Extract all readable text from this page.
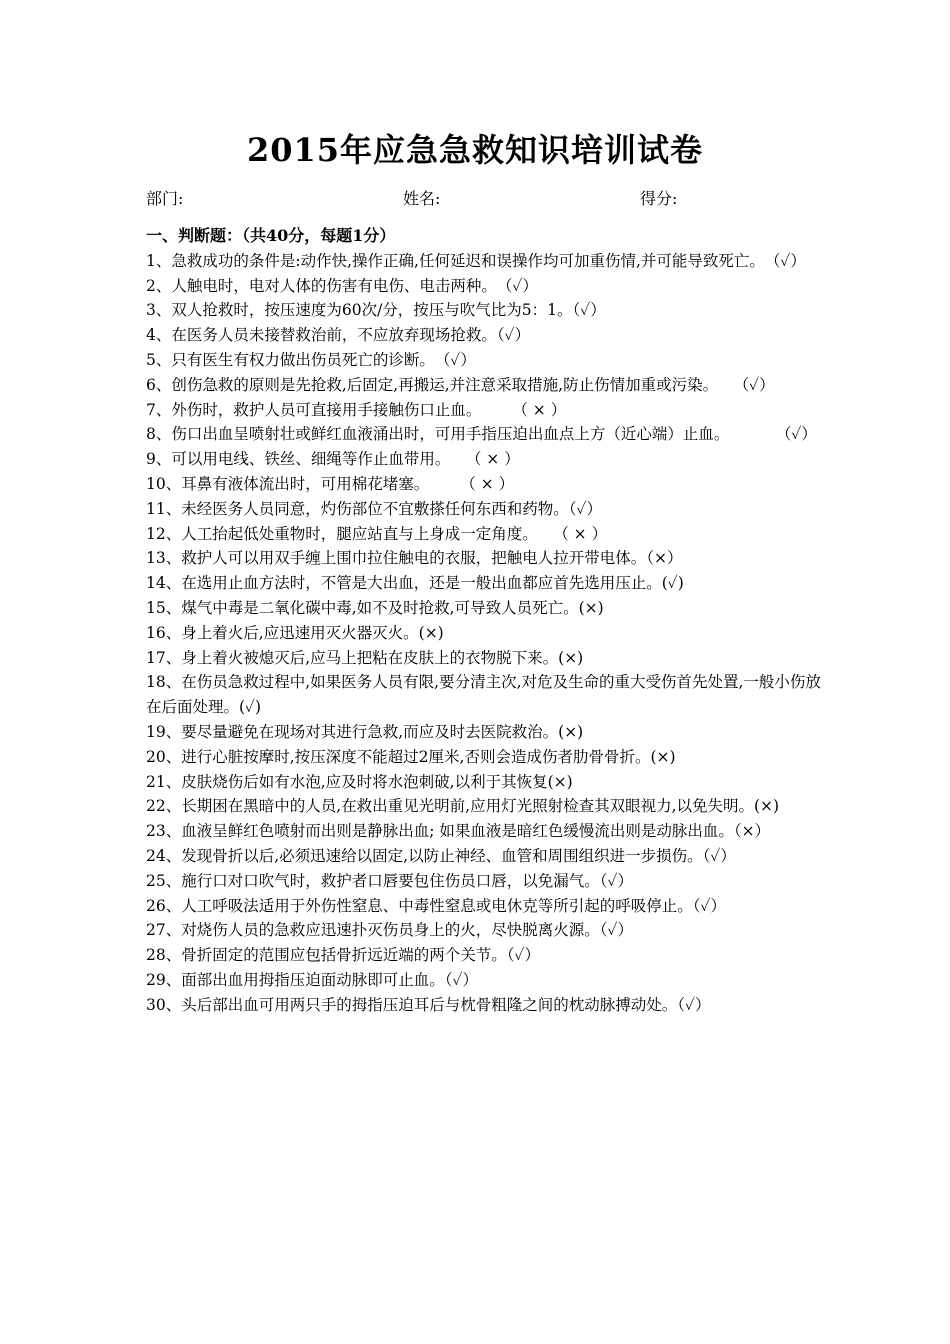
2015年应急急救知识培训试卷
部门:	姓名:	得分:
一、判断题：（共40分，每题1分）
1、急救成功的条件是:动作快,操作正确,任何延迟和误操作均可加重伤情,并可能导致死亡。　（✓）
2、人触电时，电对人体的伤害有电伤、电击两种。　（✓）
3、双人抢救时，按压速度为60次/分，按压与吹气比为5：1。（✓）
4、在医务人员未接替救治前，不应放弃现场抢救。（✓）
5、只有医生有权力做出伤员死亡的诊断。　（✓）
6、创伤急救的原则是先抢救,后固定,再搬运,并注意采取措施,防止伤情加重或污染。　　（✓）
7、外伤时，救护人员可直接用手接触伤口止血。　　　（ × ）
8、伤口出血呈喷射壮或鲜红血液涌出时，可用手指压迫出血点上方（近心端）止血。　　　　（✓）
9、可以用电线、铁丝、细绳等作止血带用。　　（ × ）
10、耳鼻有液体流出时，可用棉花堵塞。　　　（ × ）
11、未经医务人员同意，灼伤部位不宜敷搽任何东西和药物。（✓）
12、人工抬起低处重物时，腿应站直与上身成一定角度。　　（ × ）
13、救护人可以用双手缠上围巾拉住触电的衣服，把触电人拉开带电体。（×）
14、在选用止血方法时，不管是大出血，还是一般出血都应首先选用压止。(✓)
15、煤气中毒是二氧化碳中毒,如不及时抢救,可导致人员死亡。(×)
16、身上着火后,应迅速用灭火器灭火。(×)
17、身上着火被熄灭后,应马上把粘在皮肤上的衣物脱下来。(×)
18、在伤员急救过程中,如果医务人员有限,要分清主次,对危及生命的重大受伤首先处置,一般小伤放在后面处理。(✓)
19、要尽量避免在现场对其进行急救,而应及时去医院救治。(×)
20、进行心脏按摩时,按压深度不能超过2厘米,否则会造成伤者肋骨骨折。(×)
21、皮肤烧伤后如有水泡,应及时将水泡刺破,以利于其恢复(×)
22、长期困在黑暗中的人员,在救出重见光明前,应用灯光照射检查其双眼视力,以免失明。(×)
23、血液呈鲜红色喷射而出则是静脉出血; 如果血液是暗红色缓慢流出则是动脉出血。（×）
24、发现骨折以后,必须迅速给以固定,以防止神经、血管和周围组织进一步损伤。（✓）
25、施行口对口吹气时，救护者口唇要包住伤员口唇，以免漏气。（✓）
26、人工呼吸法适用于外伤性窒息、中毒性窒息或电休克等所引起的呼吸停止。（✓）
27、对烧伤人员的急救应迅速扑灭伤员身上的火，尽快脱离火源。（✓）
28、骨折固定的范围应包括骨折远近端的两个关节。（✓）
29、面部出血用拇指压迫面动脉即可止血。（✓）
30、头后部出血可用两只手的拇指压迫耳后与枕骨粗隆之间的枕动脉搏动处。（✓）
